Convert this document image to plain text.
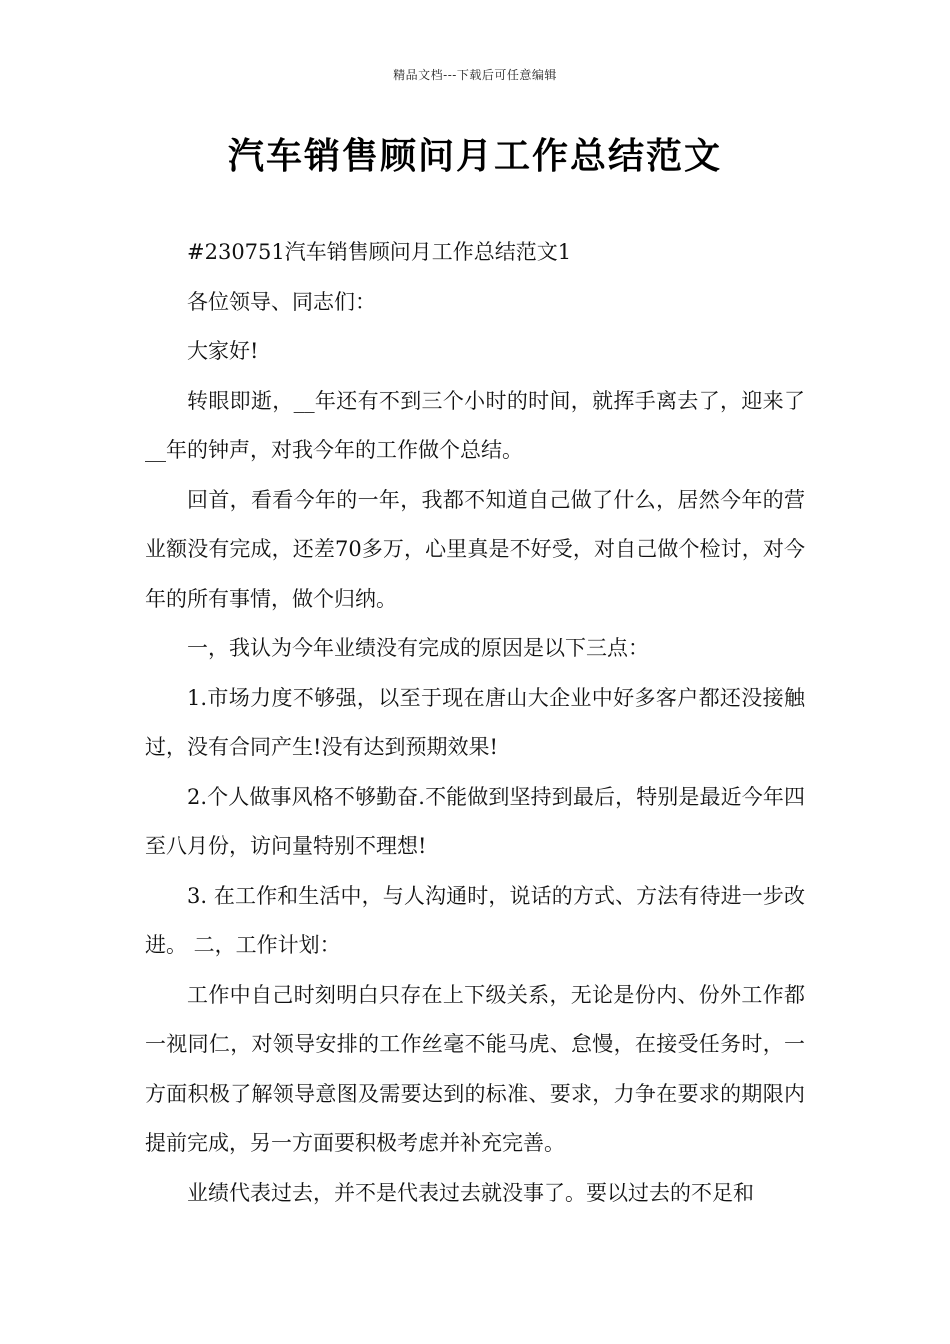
精品文档---下载后可任意编辑
汽车销售顾问月工作总结范文

#230751汽车销售顾问月工作总结范文1

各位领导、同志们：

大家好!

转眼即逝，__年还有不到三个小时的时间，就挥手离去了，迎来了__年的钟声，对我今年的工作做个总结。

回首，看看今年的一年，我都不知道自己做了什么，居然今年的营业额没有完成，还差70多万，心里真是不好受，对自己做个检讨，对今年的所有事情，做个归纳。

一，我认为今年业绩没有完成的原因是以下三点：

1.市场力度不够强，以至于现在唐山大企业中好多客户都还没接触过，没有合同产生!没有达到预期效果!

2.个人做事风格不够勤奋.不能做到坚持到最后，特别是最近今年四至八月份，访问量特别不理想!

3. 在工作和生活中，与人沟通时，说话的方式、方法有待进一步改进。 二，工作计划：

工作中自己时刻明白只存在上下级关系，无论是份内、份外工作都一视同仁，对领导安排的工作丝毫不能马虎、怠慢，在接受任务时，一方面积极了解领导意图及需要达到的标准、要求，力争在要求的期限内提前完成，另一方面要积极考虑并补充完善。

业绩代表过去，并不是代表过去就没事了。要以过去的不足和
